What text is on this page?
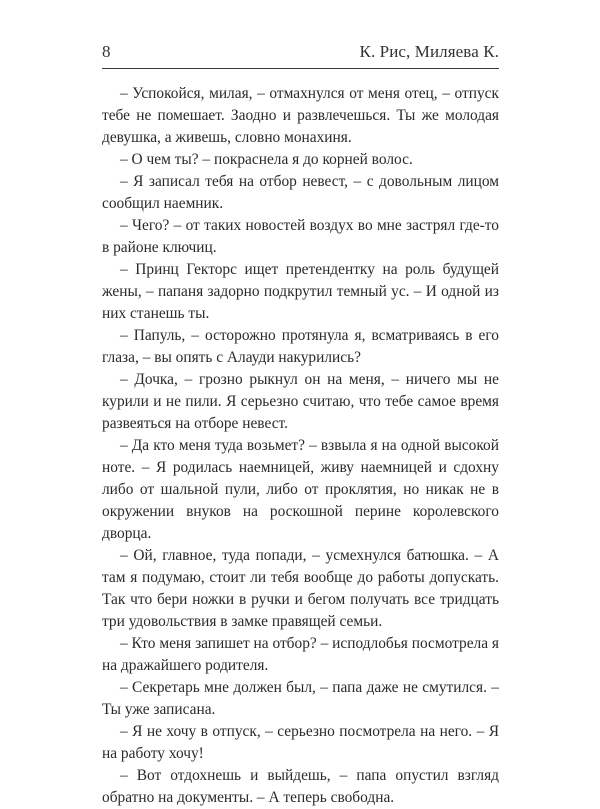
8	К. Рис, Миляева К.

– Успокойся, милая, – отмахнулся от меня отец, – отпуск тебе не помешает. Заодно и развлечешься. Ты же молодая девушка, а живешь, словно монахиня.

– О чем ты? – покраснела я до корней волос.

– Я записал тебя на отбор невест, – с довольным лицом сообщил наемник.

– Чего? – от таких новостей воздух во мне застрял где-то в районе ключиц.

– Принц Гекторс ищет претендентку на роль будущей жены, – папаня задорно подкрутил темный ус. – И одной из них станешь ты.

– Папуль, – осторожно протянула я, всматриваясь в его глаза, – вы опять с Алауди накурились?

– Дочка, – грозно рыкнул он на меня, – ничего мы не курили и не пили. Я серьезно считаю, что тебе самое время развеяться на отборе невест.

– Да кто меня туда возьмет? – взвыла я на одной высокой ноте. – Я родилась наемницей, живу наемницей и сдохну либо от шальной пули, либо от проклятия, но никак не в окружении внуков на роскошной перине королевского дворца.

– Ой, главное, туда попади, – усмехнулся батюшка. – А там я подумаю, стоит ли тебя вообще до работы допускать. Так что бери ножки в ручки и бегом получать все тридцать три удовольствия в замке правящей семьи.

– Кто меня запишет на отбор? – исподлобья посмотрела я на дражайшего родителя.

– Секретарь мне должен был, – папа даже не смутился. – Ты уже записана.

– Я не хочу в отпуск, – серьезно посмотрела на него. – Я на работу хочу!

– Вот отдохнешь и выйдешь, – папа опустил взгляд обратно на документы. – А теперь свободна.
